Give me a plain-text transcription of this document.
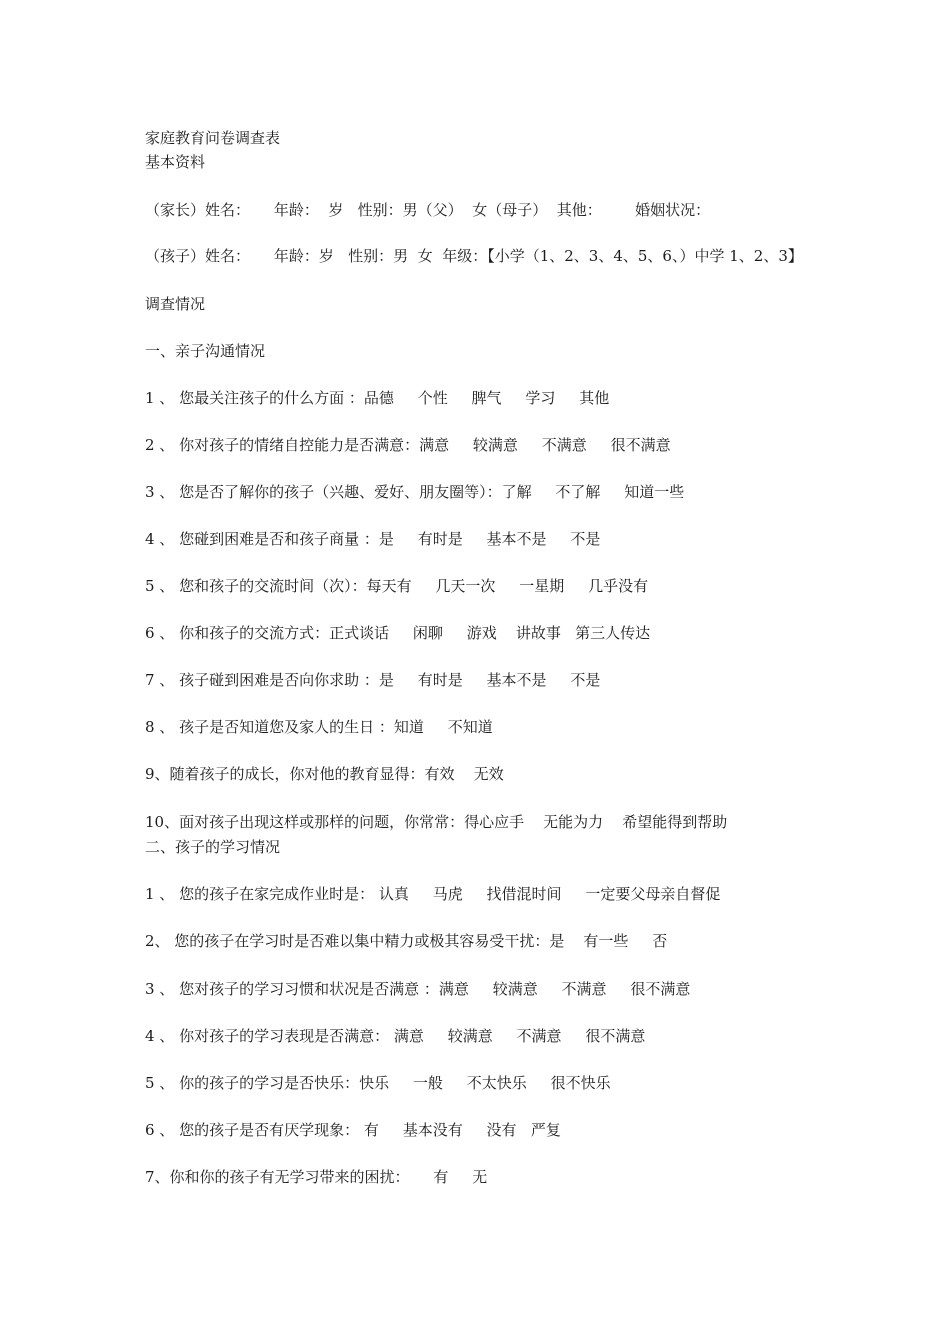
家庭教育问卷调查表
基本资料
（家长）姓名：     年龄：  岁   性别：男（父）  女（母子）  其他：       婚姻状况：
（孩子）姓名：     年龄：岁   性别：男  女  年级：【小学（1、2、3、4、5、6、）中学 1、2、3】
调查情况
一、亲子沟通情况
1 、 您最关注孩子的什么方面 ：品德     个性     脾气     学习     其他
2 、 你对孩子的情绪自控能力是否满意：满意     较满意     不满意     很不满意
3 、 您是否了解你的孩子（兴趣、爱好、朋友圈等）：了解     不了解     知道一些
4 、 您碰到困难是否和孩子商量 ：是     有时是     基本不是     不是
5 、 您和孩子的交流时间（次）：每天有     几天一次     一星期     几乎没有
6 、 你和孩子的交流方式：正式谈话     闲聊     游戏    讲故事   第三人传达
7 、 孩子碰到困难是否向你求助 ：是     有时是     基本不是     不是
8 、 孩子是否知道您及家人的生日 ：知道     不知道
9、随着孩子的成长，你对他的教育显得：有效    无效
10、面对孩子出现这样或那样的问题，你常常：得心应手    无能为力    希望能得到帮助
二、孩子的学习情况
1 、 您的孩子在家完成作业时是： 认真     马虎     找借混时间     一定要父母亲自督促
2、 您的孩子在学习时是否难以集中精力或极其容易受干扰：是    有一些     否
3 、 您对孩子的学习习惯和状况是否满意 ：满意     较满意     不满意     很不满意
4 、 你对孩子的学习表现是否满意： 满意     较满意     不满意     很不满意
5 、 你的孩子的学习是否快乐：快乐     一般     不太快乐     很不快乐
6 、 您的孩子是否有厌学现象： 有     基本没有     没有   严复
7、你和你的孩子有无学习带来的困扰：     有     无
